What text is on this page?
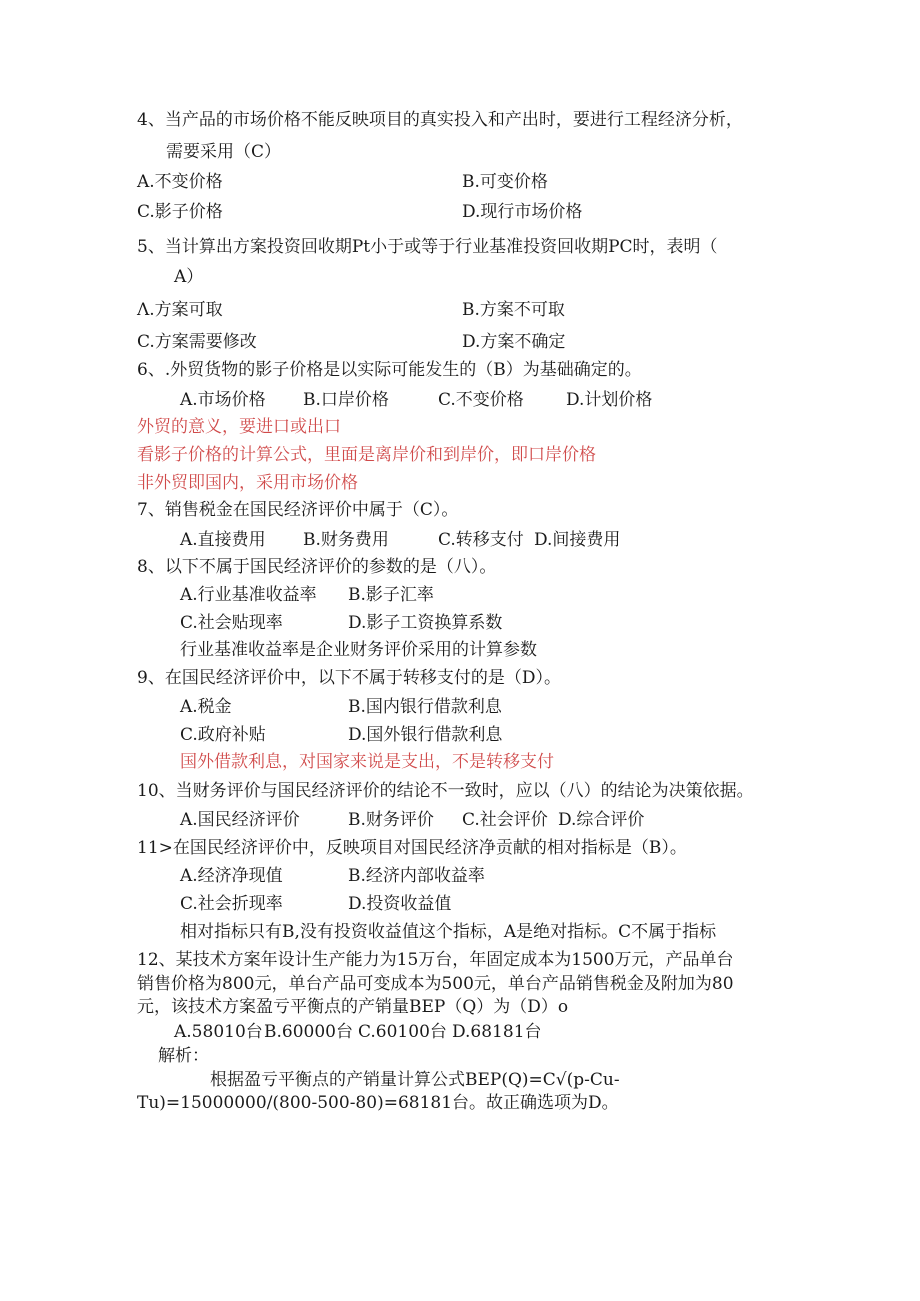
4、当产品的市场价格不能反映项目的真实投入和产出时，要进行工程经济分析，
需要采用（C）
A.不变价格	B.可变价格
C.影子价格	D.现行市场价格
5、当计算出方案投资回收期Pt小于或等于行业基准投资回收期PC时，表明（
A）
Λ.方案可取	B.方案不可取
C.方案需要修改	D.方案不确定
6、.外贸货物的影子价格是以实际可能发生的（B）为基础确定的。
A.市场价格 B.口岸价格	C.不变价格 D.计划价格
外贸的意义，要进口或出口
看影子价格的计算公式，里面是离岸价和到岸价，即口岸价格
非外贸即国内，采用市场价格
7、销售税金在国民经济评价中属于（C）。
A.直接费用 B.财务费用	C.转移支付 D.间接费用
8、以下不属于国民经济评价的参数的是（八）。
A.行业基准收益率 B.影子汇率
C.社会贴现率	D.影子工资换算系数
行业基准收益率是企业财务评价采用的计算参数
9、在国民经济评价中，以下不属于转移支付的是（D）。
A.税金	B.国内银行借款利息
C.政府补贴	D.国外银行借款利息
国外借款利息，对国家来说是支出，不是转移支付
10、当财务评价与国民经济评价的结论不一致时，应以（八）的结论为决策依据。
A.国民经济评价	B.财务评价 C.社会评价 D.综合评价
11>在国民经济评价中，反映项目对国民经济净贡献的相对指标是（B）。
A.经济净现值	B.经济内部收益率
C.社会折现率	D.投资收益值
相对指标只有B,没有投资收益值这个指标，A是绝对指标。C不属于指标
12、某技术方案年设计生产能力为15万台，年固定成本为1500万元，产品单台
销售价格为800元，单台产品可变成本为500元，单台产品销售税金及附加为80
元，该技术方案盈亏平衡点的产销量BEP（Q）为（D）o
A.58010台 B.60000台 C.60100台 D.68181台
解析：
根据盈亏平衡点的产销量计算公式BEP(Q)=C√(p-Cu-
Tu)=15000000/(800-500-80)=68181台。故正确选项为D。
